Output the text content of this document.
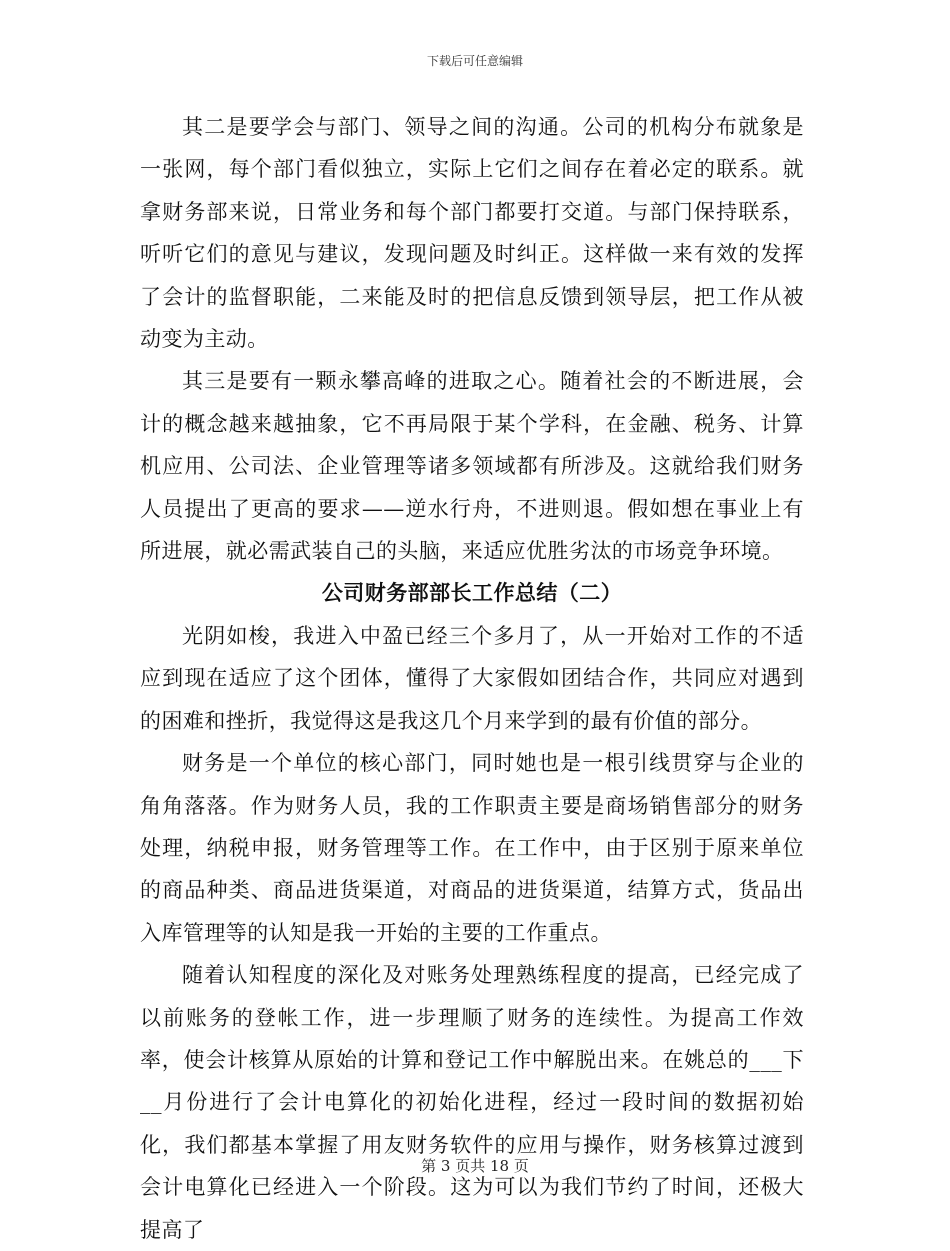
下载后可任意编辑

其二是要学会与部门、领导之间的沟通。公司的机构分布就象是一张网，每个部门看似独立，实际上它们之间存在着必定的联系。就拿财务部来说，日常业务和每个部门都要打交道。与部门保持联系，听听它们的意见与建议，发现问题及时纠正。这样做一来有效的发挥了会计的监督职能，二来能及时的把信息反馈到领导层，把工作从被动变为主动。

其三是要有一颗永攀高峰的进取之心。随着社会的不断进展，会计的概念越来越抽象，它不再局限于某个学科，在金融、税务、计算机应用、公司法、企业管理等诸多领域都有所涉及。这就给我们财务人员提出了更高的要求——逆水行舟，不进则退。假如想在事业上有所进展，就必需武装自己的头脑，来适应优胜劣汰的市场竞争环境。

公司财务部部长工作总结（二）

光阴如梭，我进入中盈已经三个多月了，从一开始对工作的不适应到现在适应了这个团体，懂得了大家假如团结合作，共同应对遇到的困难和挫折，我觉得这是我这几个月来学到的最有价值的部分。

财务是一个单位的核心部门，同时她也是一根引线贯穿与企业的角角落落。作为财务人员，我的工作职责主要是商场销售部分的财务处理，纳税申报，财务管理等工作。在工作中，由于区别于原来单位的商品种类、商品进货渠道，对商品的进货渠道，结算方式，货品出入库管理等的认知是我一开始的主要的工作重点。

随着认知程度的深化及对账务处理熟练程度的提高，已经完成了以前账务的登帐工作，进一步理顺了财务的连续性。为提高工作效率，使会计核算从原始的计算和登记工作中解脱出来。在姚总的___下__月份进行了会计电算化的初始化进程，经过一段时间的数据初始化，我们都基本掌握了用友财务软件的应用与操作，财务核算过渡到会计电算化已经进入一个阶段。这为可以为我们节约了时间，还极大提高了

第 3 页共 18 页
